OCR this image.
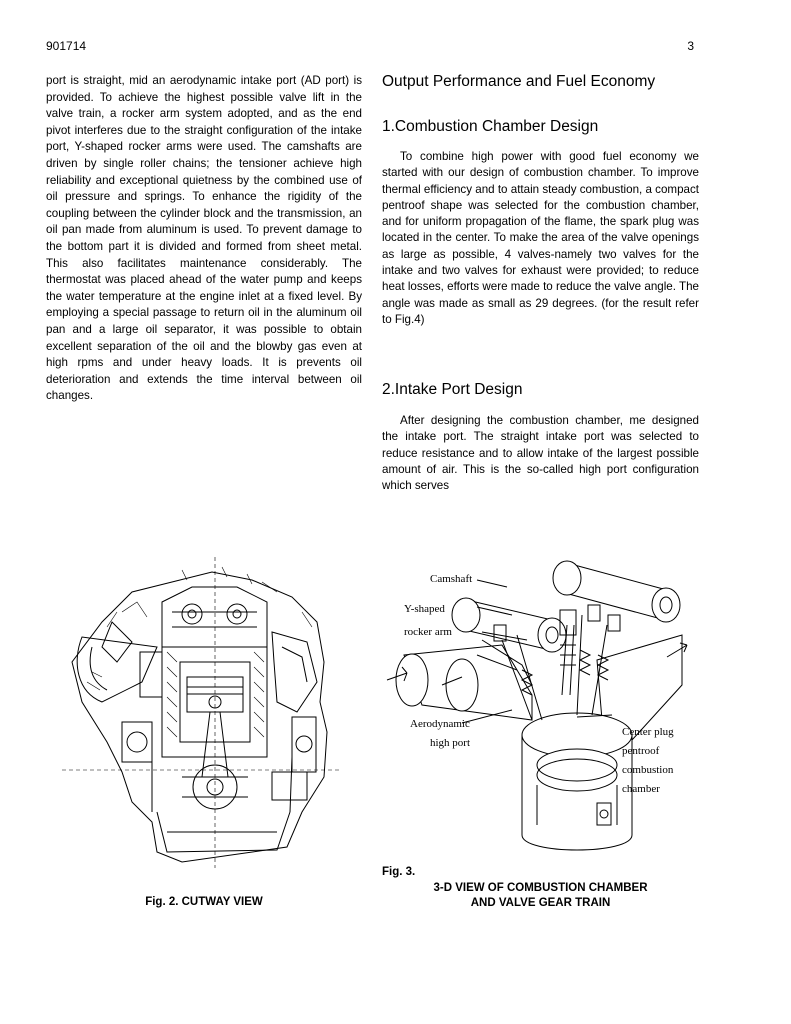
901714	3
port is straight, mid an aerodynamic intake port (AD port) is provided. To achieve the highest possible valve lift in the valve train, a rocker arm system adopted, and as the end pivot interferes due to the straight configuration of the intake port, Y-shaped rocker arms were used. The camshafts are driven by single roller chains; the tensioner achieve high reliability and exceptional quietness by the combined use of oil pressure and springs. To enhance the rigidity of the coupling between the cylinder block and the transmission, an oil pan made from aluminum is used. To prevent damage to the bottom part it is divided and formed from sheet metal. This also facilitates maintenance considerably. The thermostat was placed ahead of the water pump and keeps the water temperature at the engine inlet at a fixed level. By employing a special passage to return oil in the aluminum oil pan and a large oil separator, it was possible to obtain excellent separation of the oil and the blowby gas even at high rpms and under heavy loads. It is prevents oil deterioration and extends the time interval between oil changes.
Output Performance and Fuel Economy
1.Combustion Chamber Design

To combine high power with good fuel economy we started with our design of combustion chamber. To improve thermal efficiency and to attain steady combustion, a compact pentroof shape was selected for the combustion chamber, and for uniform propagation of the flame, the spark plug was located in the center. To make the area of the valve openings as large as possible, 4 valves-namely two valves for the intake and two valves for exhaust were provided; to reduce heat losses, efforts were made to reduce the valve angle. The angle was made as small as 29 degrees. (for the result refer to Fig.4)

2.Intake Port Design

After designing the combustion chamber, me designed the intake port. The straight intake port was selected to reduce resistance and to allow intake of the largest possible amount of air. This is the so-called high port configuration which serves

Camshaft
Y-shaped
rocker arm
Aerodynamic
high port
Center plug
pentroof
combustion
chamber
Fig. 2. CUTWAY VIEW
Fig. 3.
3-D VIEW OF COMBUSTION CHAMBER
AND VALVE GEAR TRAIN
